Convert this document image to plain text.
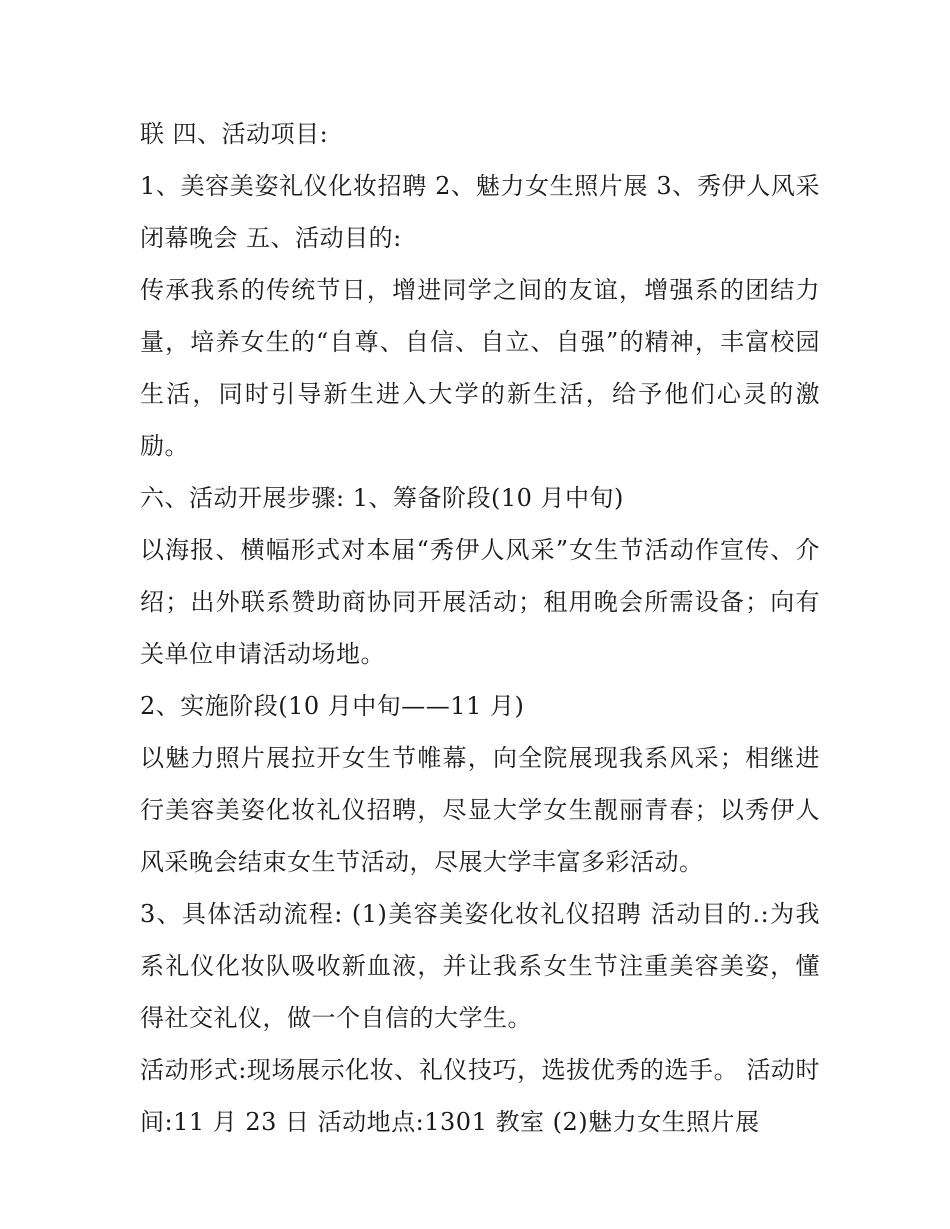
联 四、活动项目:

1、美容美姿礼仪化妆招聘 2、魅力女生照片展 3、秀伊人风采闭幕晚会 五、活动目的:

传承我系的传统节日，增进同学之间的友谊，增强系的团结力量，培养女生的“自尊、自信、自立、自强”的精神，丰富校园生活，同时引导新生进入大学的新生活，给予他们心灵的激励。

六、活动开展步骤: 1、筹备阶段(10 月中旬)

以海报、横幅形式对本届“秀伊人风采”女生节活动作宣传、介绍；出外联系赞助商协同开展活动；租用晚会所需设备；向有关单位申请活动场地。

2、实施阶段(10 月中旬——11 月)

以魅力照片展拉开女生节帷幕，向全院展现我系风采；相继进行美容美姿化妆礼仪招聘，尽显大学女生靓丽青春；以秀伊人风采晚会结束女生节活动，尽展大学丰富多彩活动。

3、具体活动流程: (1)美容美姿化妆礼仪招聘 活动目的.:为我系礼仪化妆队吸收新血液，并让我系女生节注重美容美姿，懂得社交礼仪，做一个自信的大学生。

活动形式:现场展示化妆、礼仪技巧，选拔优秀的选手。 活动时间:11 月 23 日 活动地点:1301 教室 (2)魅力女生照片展
